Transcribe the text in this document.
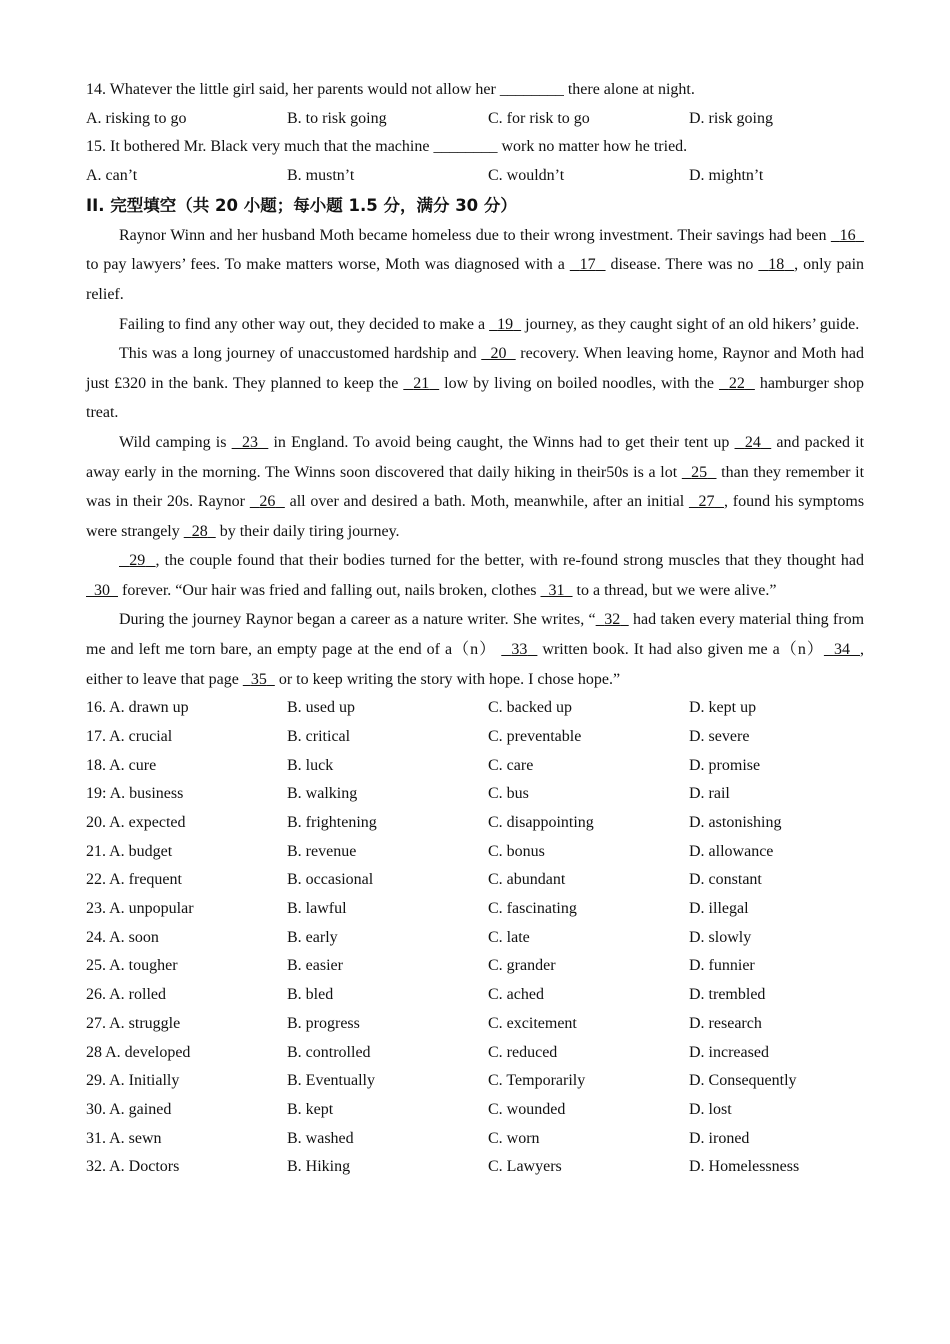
14. Whatever the little girl said, her parents would not allow her ________ there alone at night.
A. risking to go	B. to risk going	C. for risk to go	D. risk going
15. It bothered Mr. Black very much that the machine ________ work no matter how he tried.
A. can’t	B. mustn’t	C. wouldn’t	D. mightn’t
II. 完型填空（共 20 小题；每小题 1.5 分，满分 30 分）
Raynor Winn and her husband Moth became homeless due to their wrong investment. Their savings had been   16   to pay lawyers’ fees. To make matters worse, Moth was diagnosed with a   17   disease. There was no   18 , only pain relief.
Failing to find any other way out, they decided to make a   19   journey, as they caught sight of an old hikers’ guide.
This was a long journey of unaccustomed hardship and   20   recovery. When leaving home, Raynor and Moth had just £320 in the bank. They planned to keep the   21   low by living on boiled noodles, with the   22   hamburger shop treat.
Wild camping is   23   in England. To avoid being caught, the Winns had to get their tent up   24   and packed it away early in the morning. The Winns soon discovered that daily hiking in their50s is a lot   25   than they remember it was in their 20s. Raynor   26   all over and desired a bath. Moth, meanwhile, after an initial   27 , found his symptoms were strangely   28   by their daily tiring journey.
29 , the couple found that their bodies turned for the better, with re-found strong muscles that they thought had   30   forever. “Our hair was fried and falling out, nails broken, clothes   31   to a thread, but we were alive.”
During the journey Raynor began a career as a nature writer. She writes, “ 32   had taken every material thing from me and left me torn bare, an empty page at the end of a（n）   33   written book. It had also given me a（n） 34 , either to leave that page   35   or to keep writing the story with hope. I chose hope.”
16. A. drawn up	B. used up	C. backed up	D. kept up
17. A. crucial	B. critical	C. preventable	D. severe
18. A. cure	B. luck	C. care	D. promise
19: A. business	B. walking	C. bus	D. rail
20. A. expected	B. frightening	C. disappointing	D. astonishing
21. A. budget	B. revenue	C. bonus	D. allowance
22. A. frequent	B. occasional	C. abundant	D. constant
23. A. unpopular	B. lawful	C. fascinating	D. illegal
24. A. soon	B. early	C. late	D. slowly
25. A. tougher	B. easier	C. grander	D. funnier
26. A. rolled	B. bled	C. ached	D. trembled
27. A. struggle	B. progress	C. excitement	D. research
28 A. developed	B. controlled	C. reduced	D. increased
29. A. Initially	B. Eventually	C. Temporarily	D. Consequently
30. A. gained	B. kept	C. wounded	D. lost
31. A. sewn	B. washed	C. worn	D. ironed
32. A. Doctors	B. Hiking	C. Lawyers	D. Homelessness
